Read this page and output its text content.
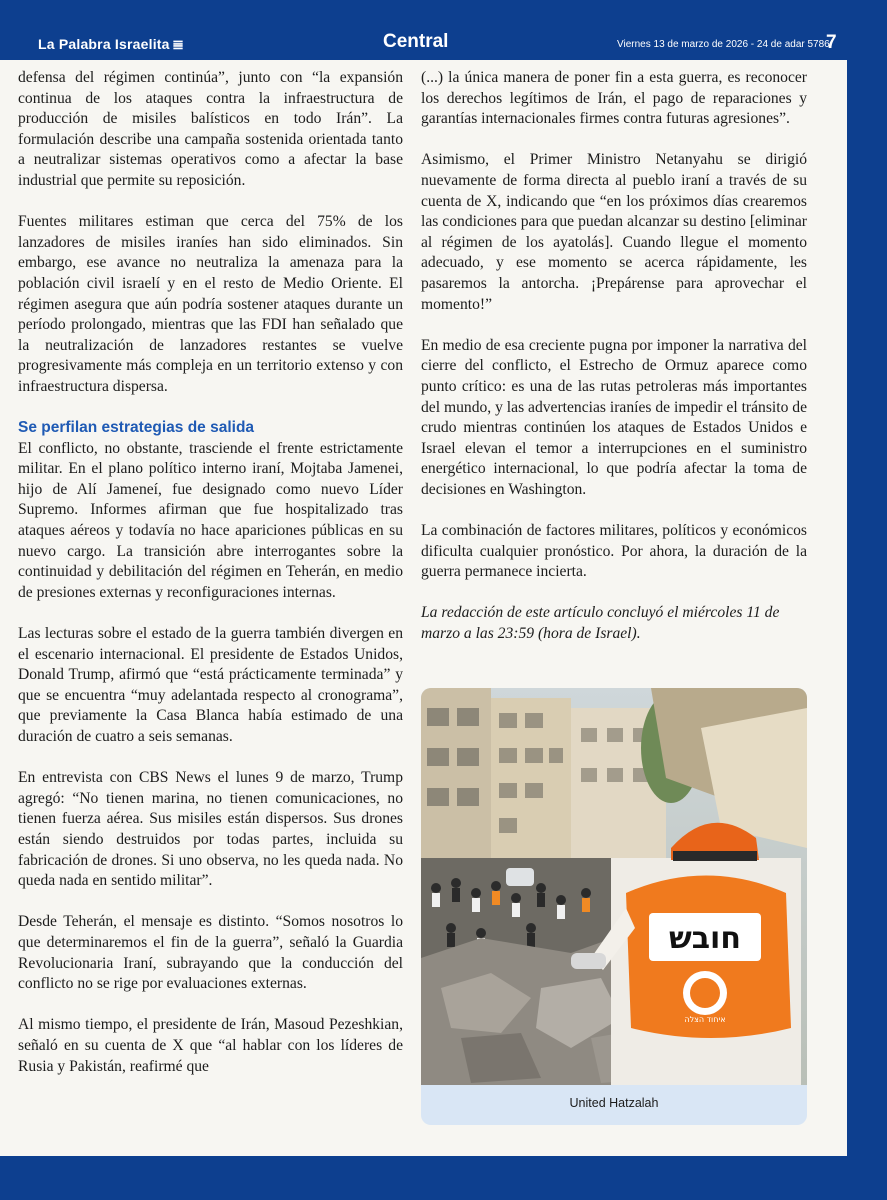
La Palabra Israelita 𝌆	Central	Viernes 13 de marzo de 2026 - 24 de adar 5786
7

defensa del régimen continúa”, junto con “la expansión continua de los ataques contra la infraestructura de producción de misiles balísticos en todo Irán”. La formulación describe una campaña sostenida orientada tanto a neutralizar sistemas operativos como a afectar la base industrial que permite su reposición.

Fuentes militares estiman que cerca del 75% de los lanzadores de misiles iraníes han sido eliminados. Sin embargo, ese avance no neutraliza la amenaza para la población civil israelí y en el resto de Medio Oriente. El régimen asegura que aún podría sostener ataques durante un período prolongado, mientras que las FDI han señalado que la neutralización de lanzadores restantes se vuelve progresivamente más compleja en un territorio extenso y con infraestructura dispersa.

Se perfilan estrategias de salida

El conflicto, no obstante, trasciende el frente estrictamente militar. En el plano político interno iraní, Mojtaba Jamenei, hijo de Alí Jameneí, fue designado como nuevo Líder Supremo. Informes afirman que fue hospitalizado tras ataques aéreos y todavía no hace apariciones públicas en su nuevo cargo. La transición abre interrogantes sobre la continuidad y debilitación del régimen en Teherán, en medio de presiones externas y reconfiguraciones internas.

Las lecturas sobre el estado de la guerra también divergen en el escenario internacional. El presidente de Estados Unidos, Donald Trump, afirmó que “está prácticamente terminada” y que se encuentra “muy adelantada respecto al cronograma”, que previamente la Casa Blanca había estimado de una duración de cuatro a seis semanas.

En entrevista con CBS News el lunes 9 de marzo, Trump agregó: “No tienen marina, no tienen comunicaciones, no tienen fuerza aérea. Sus misiles están dispersos. Sus drones están siendo destruidos por todas partes, incluida su fabricación de drones. Si uno observa, no les queda nada. No queda nada en sentido militar”.

Desde Teherán, el mensaje es distinto. “Somos nosotros lo que determinaremos el fin de la guerra”, señaló la Guardia Revolucionaria Iraní, subrayando que la conducción del conflicto no se rige por evaluaciones externas.

Al mismo tiempo, el presidente de Irán, Masoud Pezeshkian, señaló en su cuenta de X que “al hablar con los líderes de Rusia y Pakistán, reafirmé que

(...) la única manera de poner fin a esta guerra, es reconocer los derechos legítimos de Irán, el pago de reparaciones y garantías internacionales firmes contra futuras agresiones”.

Asimismo, el Primer Ministro Netanyahu se dirigió nuevamente de forma directa al pueblo iraní a través de su cuenta de X, indicando que “en los próximos días crearemos las condiciones para que puedan alcanzar su destino [eliminar al régimen de los ayatolás]. Cuando llegue el momento adecuado, y ese momento se acerca rápidamente, les pasaremos la antorcha. ¡Prepárense para aprovechar el momento!”

En medio de esa creciente pugna por imponer la narrativa del cierre del conflicto, el Estrecho de Ormuz aparece como punto crítico: es una de las rutas petroleras más importantes del mundo, y las advertencias iraníes de impedir el tránsito de crudo mientras continúen los ataques de Estados Unidos e Israel elevan el temor a interrupciones en el suministro energético internacional, lo que podría afectar la toma de decisiones en Washington.

La combinación de factores militares, políticos y económicos dificulta cualquier pronóstico. Por ahora, la duración de la guerra permanece incierta.

La redacción de este artículo concluyó el miércoles 11 de marzo a las 23:59 (hora de Israel).

חובש
איחוד הצלה
United Hatzalah
